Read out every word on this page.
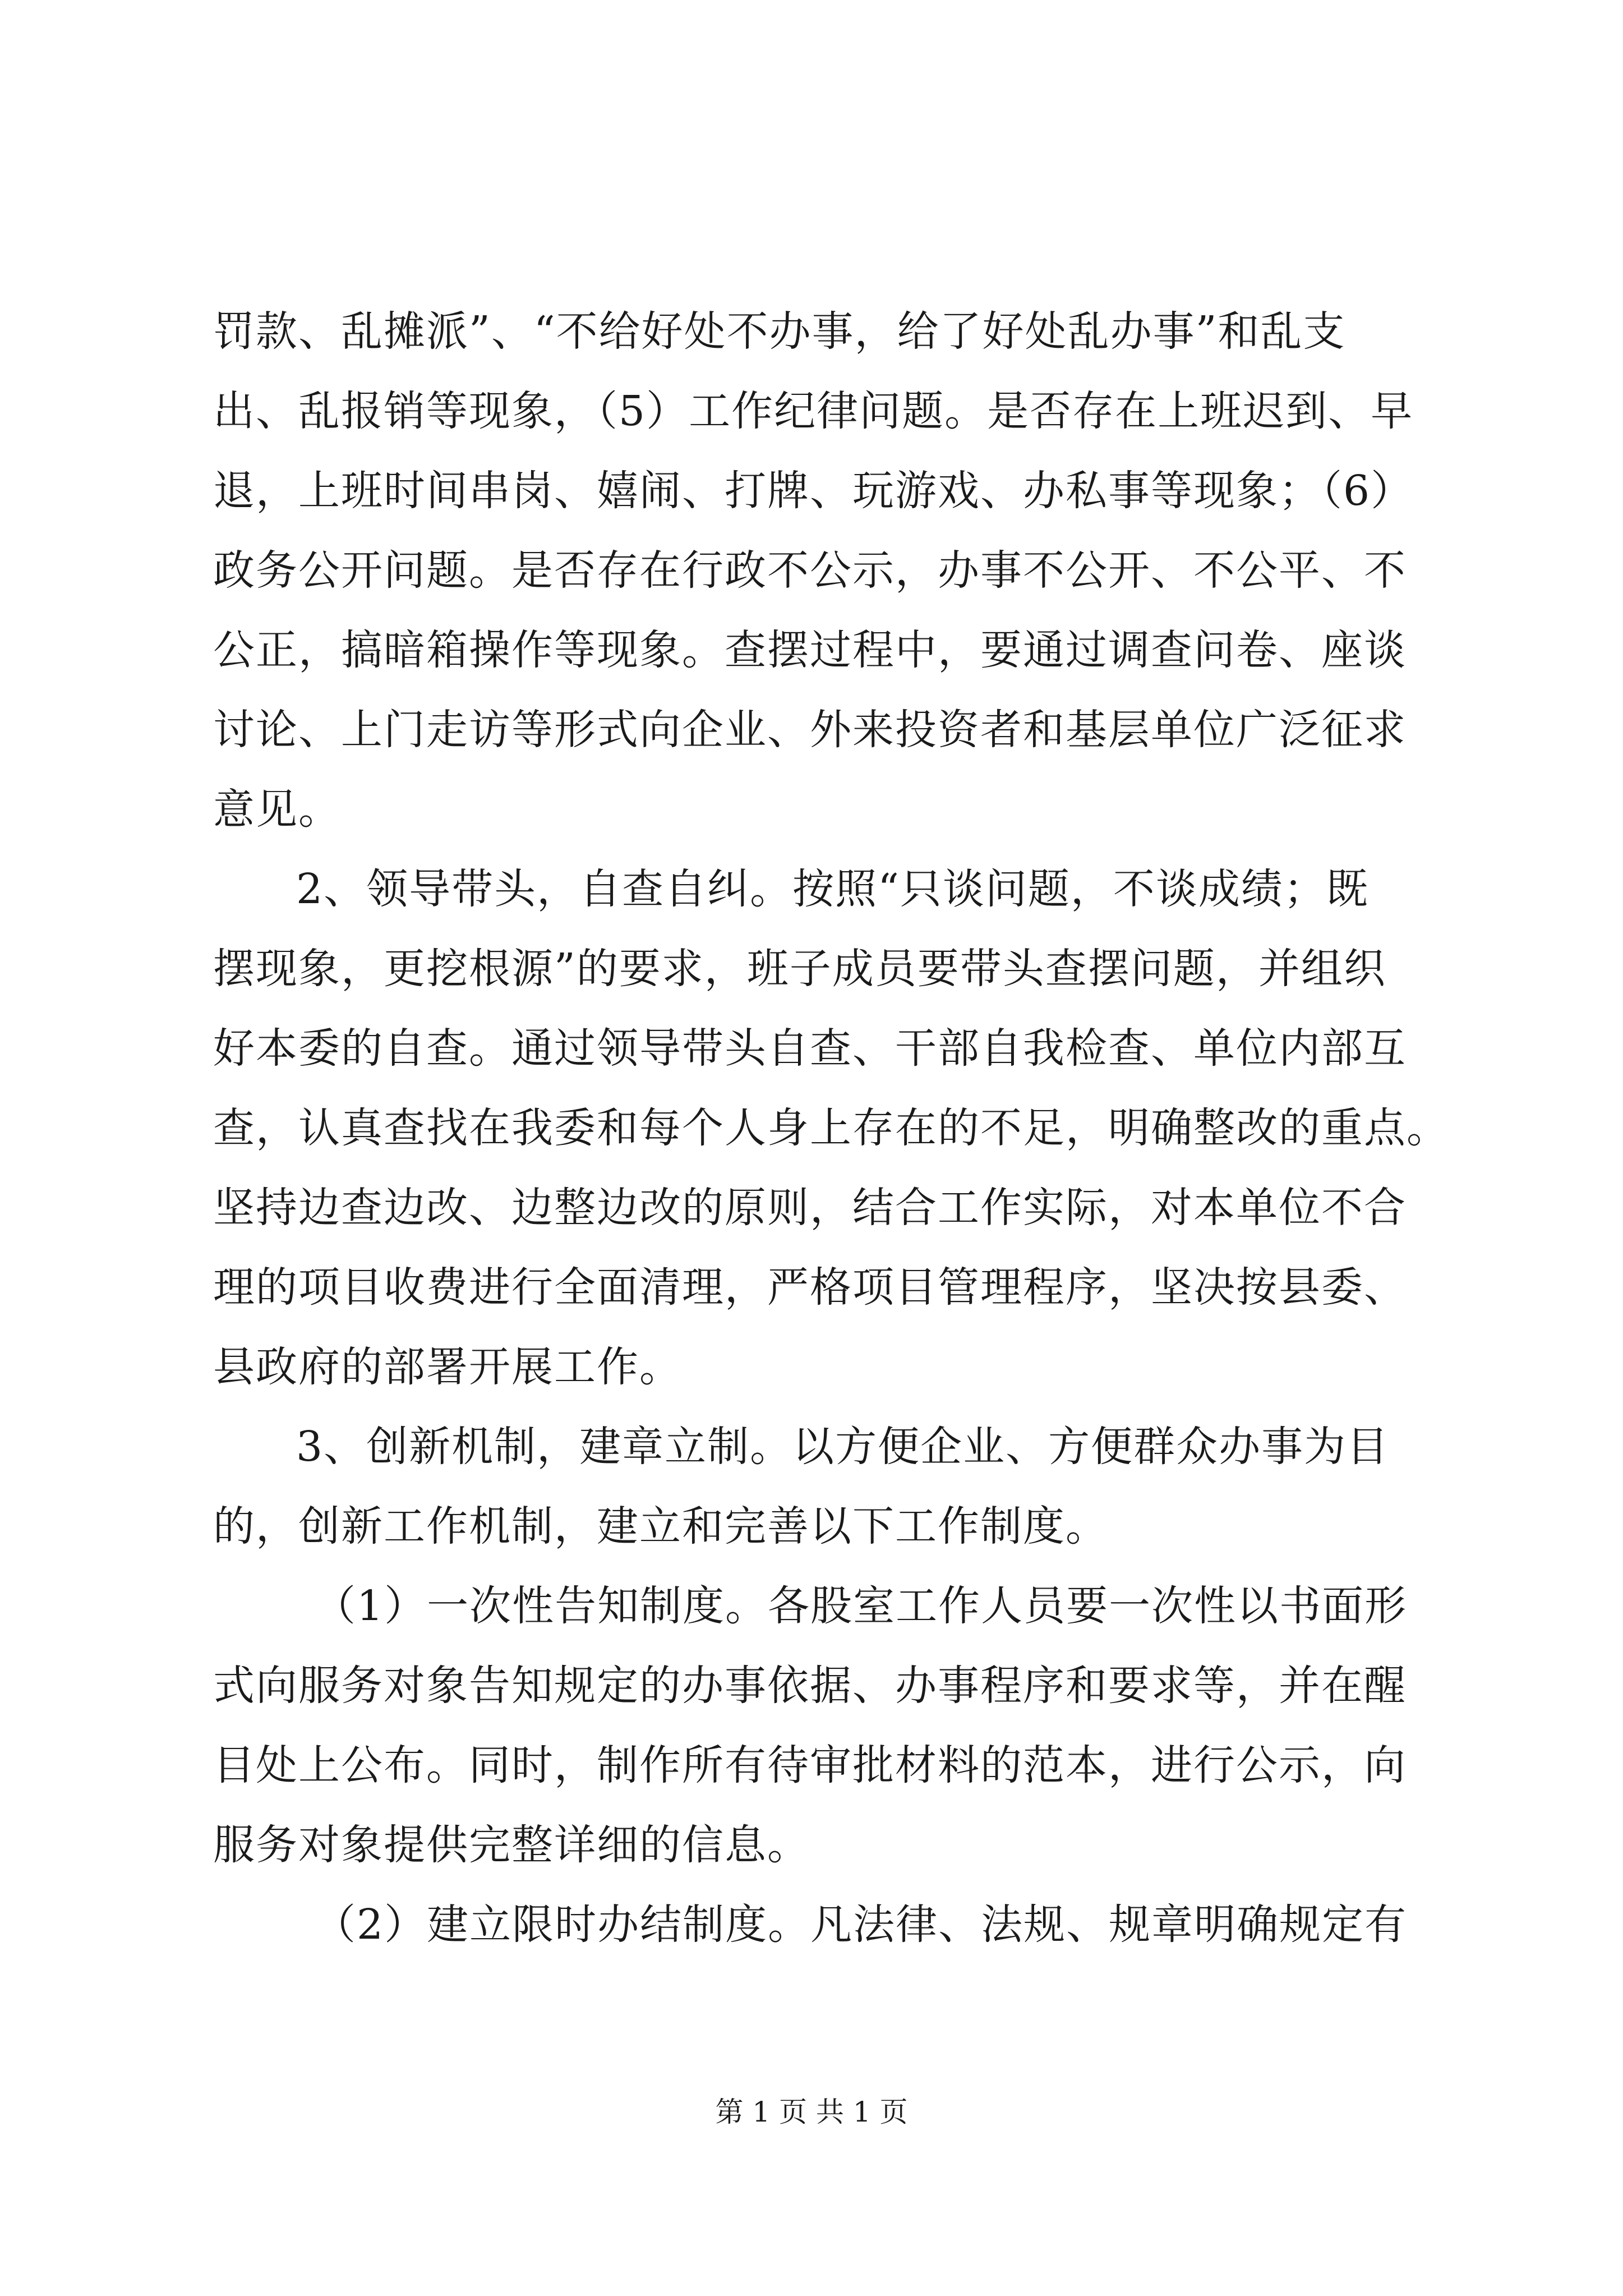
罚款、乱摊派”、“不给好处不办事，给了好处乱办事”和乱支
出、乱报销等现象，（5）工作纪律问题。是否存在上班迟到、早
退，上班时间串岗、嬉闹、打牌、玩游戏、办私事等现象；（6）
政务公开问题。是否存在行政不公示，办事不公开、不公平、不
公正，搞暗箱操作等现象。查摆过程中，要通过调查问卷、座谈
讨论、上门走访等形式向企业、外来投资者和基层单位广泛征求
意见。
2、领导带头，自查自纠。按照“只谈问题，不谈成绩；既
摆现象，更挖根源”的要求，班子成员要带头查摆问题，并组织
好本委的自查。通过领导带头自查、干部自我检查、单位内部互
查，认真查找在我委和每个人身上存在的不足，明确整改的重点。
坚持边查边改、边整边改的原则，结合工作实际，对本单位不合
理的项目收费进行全面清理，严格项目管理程序，坚决按县委、
县政府的部署开展工作。
3、创新机制，建章立制。以方便企业、方便群众办事为目
的，创新工作机制，建立和完善以下工作制度。
（1）一次性告知制度。各股室工作人员要一次性以书面形
式向服务对象告知规定的办事依据、办事程序和要求等，并在醒
目处上公布。同时，制作所有待审批材料的范本，进行公示，向
服务对象提供完整详细的信息。
（2）建立限时办结制度。凡法律、法规、规章明确规定有
第 1 页 共 1 页
